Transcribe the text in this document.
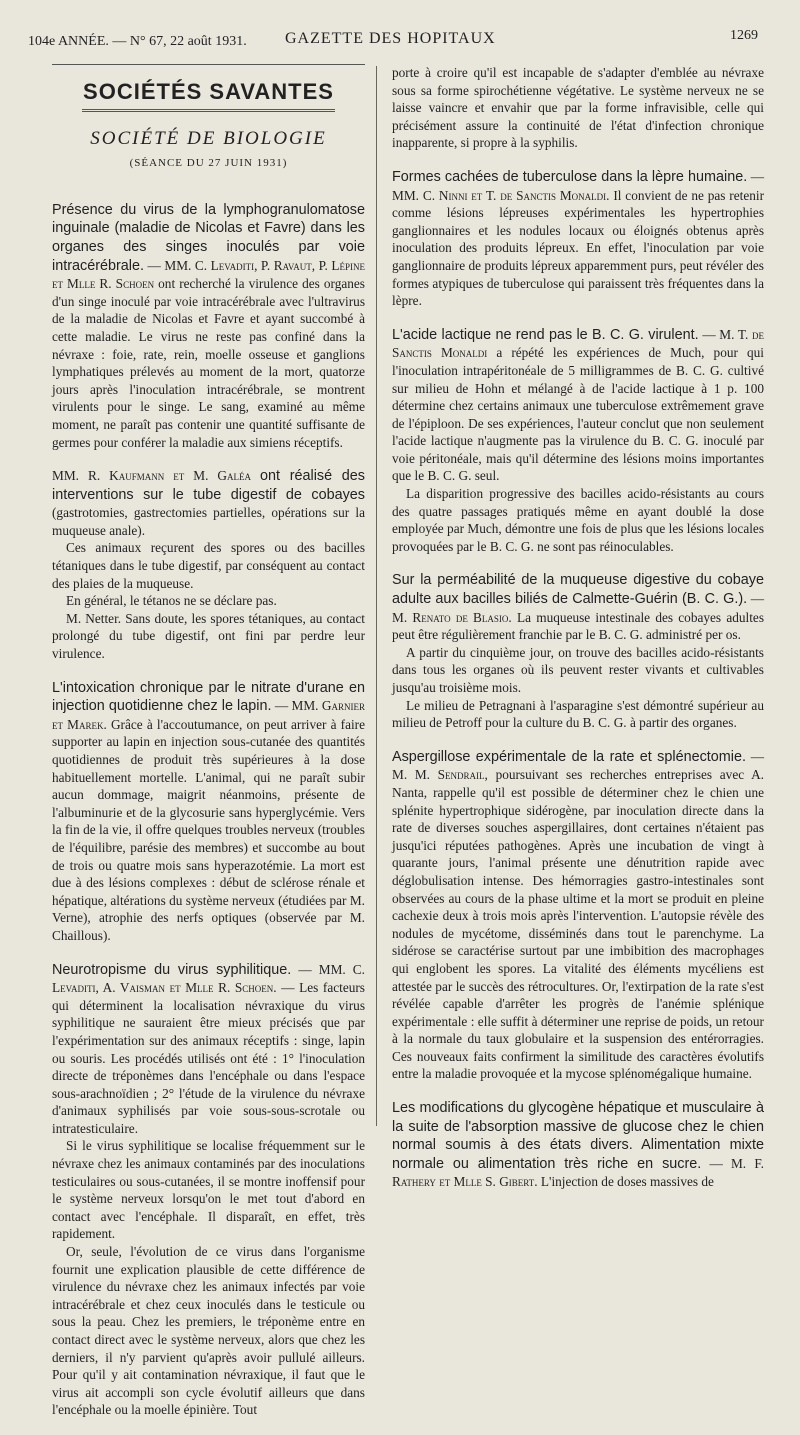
104e ANNÉE. — N° 67, 22 août 1931. GAZETTE DES HOPITAUX	1269
SOCIÉTÉS SAVANTES
SOCIÉTÉ DE BIOLOGIE
(SÉANCE DU 27 JUIN 1931)

Présence du virus de la lymphogranulomatose inguinale (maladie de Nicolas et Favre) dans les organes des singes inoculés par voie intracérébrale. — MM. C. Levaditi, P. Ravaut, P. Lépine et Mlle R. Schoen ont recherché la virulence des organes d'un singe inoculé par voie intracérébrale avec l'ultravirus de la maladie de Nicolas et Favre et ayant succombé à cette maladie. Le virus ne reste pas confiné dans la névraxe : foie, rate, rein, moelle osseuse et ganglions lymphatiques prélevés au moment de la mort, quatorze jours après l'inoculation intracérébrale, se montrent virulents pour le singe. Le sang, examiné au même moment, ne paraît pas contenir une quantité suffisante de germes pour conférer la maladie aux simiens réceptifs.

MM. R. Kaufmann et M. Galéa ont réalisé des interventions sur le tube digestif de cobayes (gastrotomies, gastrectomies partielles, opérations sur la muqueuse anale).

Ces animaux reçurent des spores ou des bacilles tétaniques dans le tube digestif, par conséquent au contact des plaies de la muqueuse.

En général, le tétanos ne se déclare pas.

M. Netter. Sans doute, les spores tétaniques, au contact prolongé du tube digestif, ont fini par perdre leur virulence.

L'intoxication chronique par le nitrate d'urane en injection quotidienne chez le lapin. — MM. Garnier et Marek. Grâce à l'accoutumance, on peut arriver à faire supporter au lapin en injection sous-cutanée des quantités quotidiennes de produit très supérieures à la dose habituellement mortelle. L'animal, qui ne paraît subir aucun dommage, maigrit néanmoins, présente de l'albuminurie et de la glycosurie sans hyperglycémie. Vers la fin de la vie, il offre quelques troubles nerveux (troubles de l'équilibre, parésie des membres) et succombe au bout de trois ou quatre mois sans hyperazotémie. La mort est due à des lésions complexes : début de sclérose rénale et hépatique, altérations du système nerveux (étudiées par M. Verne), atrophie des nerfs optiques (observée par M. Chaillous).

Neurotropisme du virus syphilitique. — MM. C. Levaditi, A. Vaisman et Mlle R. Schoen. — Les facteurs qui déterminent la localisation névraxique du virus syphilitique ne sauraient être mieux précisés que par l'expérimentation sur des animaux réceptifs : singe, lapin ou souris. Les procédés utilisés ont été : 1° l'inoculation directe de tréponèmes dans l'encéphale ou dans l'espace sous-arachnoïdien ; 2° l'étude de la virulence du névraxe d'animaux syphilisés par voie sous-sous-scrotale ou intratesticulaire.

Si le virus syphilitique se localise fréquemment sur le névraxe chez les animaux contaminés par des inoculations testiculaires ou sous-cutanées, il se montre inoffensif pour le système nerveux lorsqu'on le met tout d'abord en contact avec l'encéphale. Il disparaît, en effet, très rapidement.

Or, seule, l'évolution de ce virus dans l'organisme fournit une explication plausible de cette différence de virulence du névraxe chez les animaux infectés par voie intracérébrale et chez ceux inoculés dans le testicule ou sous la peau. Chez les premiers, le tréponème entre en contact direct avec le système nerveux, alors que chez les derniers, il n'y parvient qu'après avoir pullulé ailleurs. Pour qu'il y ait contamination névraxique, il faut que le virus ait accompli son cycle évolutif ailleurs que dans l'encéphale ou la moelle épinière. Tout

porte à croire qu'il est incapable de s'adapter d'emblée au névraxe sous sa forme spirochétienne végétative. Le système nerveux ne se laisse vaincre et envahir que par la forme infravisible, celle qui précisément assure la continuité de l'état d'infection chronique inapparente, si propre à la syphilis.

Formes cachées de tuberculose dans la lèpre humaine. — MM. C. Ninni et T. de Sanctis Monaldi. Il convient de ne pas retenir comme lésions lépreuses expérimentales les hypertrophies ganglionnaires et les nodules locaux ou éloignés obtenus après inoculation des produits lépreux. En effet, l'inoculation par voie ganglionnaire de produits lépreux apparemment purs, peut révéler des formes atypiques de tuberculose qui paraissent très fréquentes dans la lèpre.

L'acide lactique ne rend pas le B. C. G. virulent. — M. T. de Sanctis Monaldi a répété les expériences de Much, pour qui l'inoculation intrapéritonéale de 5 milligrammes de B. C. G. cultivé sur milieu de Hohn et mélangé à de l'acide lactique à 1 p. 100 détermine chez certains animaux une tuberculose extrêmement grave de l'épiploon. De ses expériences, l'auteur conclut que non seulement l'acide lactique n'augmente pas la virulence du B. C. G. inoculé par voie péritonéale, mais qu'il détermine des lésions moins importantes que le B. C. G. seul.

La disparition progressive des bacilles acido-résistants au cours des quatre passages pratiqués même en ayant doublé la dose employée par Much, démontre une fois de plus que les lésions locales provoquées par le B. C. G. ne sont pas réinoculables.

Sur la perméabilité de la muqueuse digestive du cobaye adulte aux bacilles biliés de Calmette-Guérin (B. C. G.). — M. Renato de Blasio. La muqueuse intestinale des cobayes adultes peut être régulièrement franchie par le B. C. G. administré per os.

A partir du cinquième jour, on trouve des bacilles acido-résistants dans tous les organes où ils peuvent rester vivants et cultivables jusqu'au troisième mois.

Le milieu de Petragnani à l'asparagine s'est démontré supérieur au milieu de Petroff pour la culture du B. C. G. à partir des organes.

Aspergillose expérimentale de la rate et splénectomie. — M. M. Sendrail, poursuivant ses recherches entreprises avec A. Nanta, rappelle qu'il est possible de déterminer chez le chien une splénite hypertrophique sidérogène, par inoculation directe dans la rate de diverses souches aspergillaires, dont certaines n'étaient pas jusqu'ici réputées pathogènes. Après une incubation de vingt à quarante jours, l'animal présente une dénutrition rapide avec déglobulisation intense. Des hémorragies gastro-intestinales sont observées au cours de la phase ultime et la mort se produit en pleine cachexie deux à trois mois après l'intervention. L'autopsie révèle des nodules de mycétome, disséminés dans tout le parenchyme. La sidérose se caractérise surtout par une imbibition des macrophages qui englobent les spores. La vitalité des éléments mycéliens est attestée par le succès des rétrocultures. Or, l'extirpation de la rate s'est révélée capable d'arrêter les progrès de l'anémie splénique expérimentale : elle suffit à déterminer une reprise de poids, un retour à la normale du taux globulaire et la suspension des entérorragies. Ces nouveaux faits confirment la similitude des caractères évolutifs entre la maladie provoquée et la mycose splénomégalique humaine.

Les modifications du glycogène hépatique et musculaire à la suite de l'absorption massive de glucose chez le chien normal soumis à des états divers. Alimentation mixte normale ou alimentation très riche en sucre. — M. F. Rathery et Mlle S. Gibert. L'injection de doses massives de
